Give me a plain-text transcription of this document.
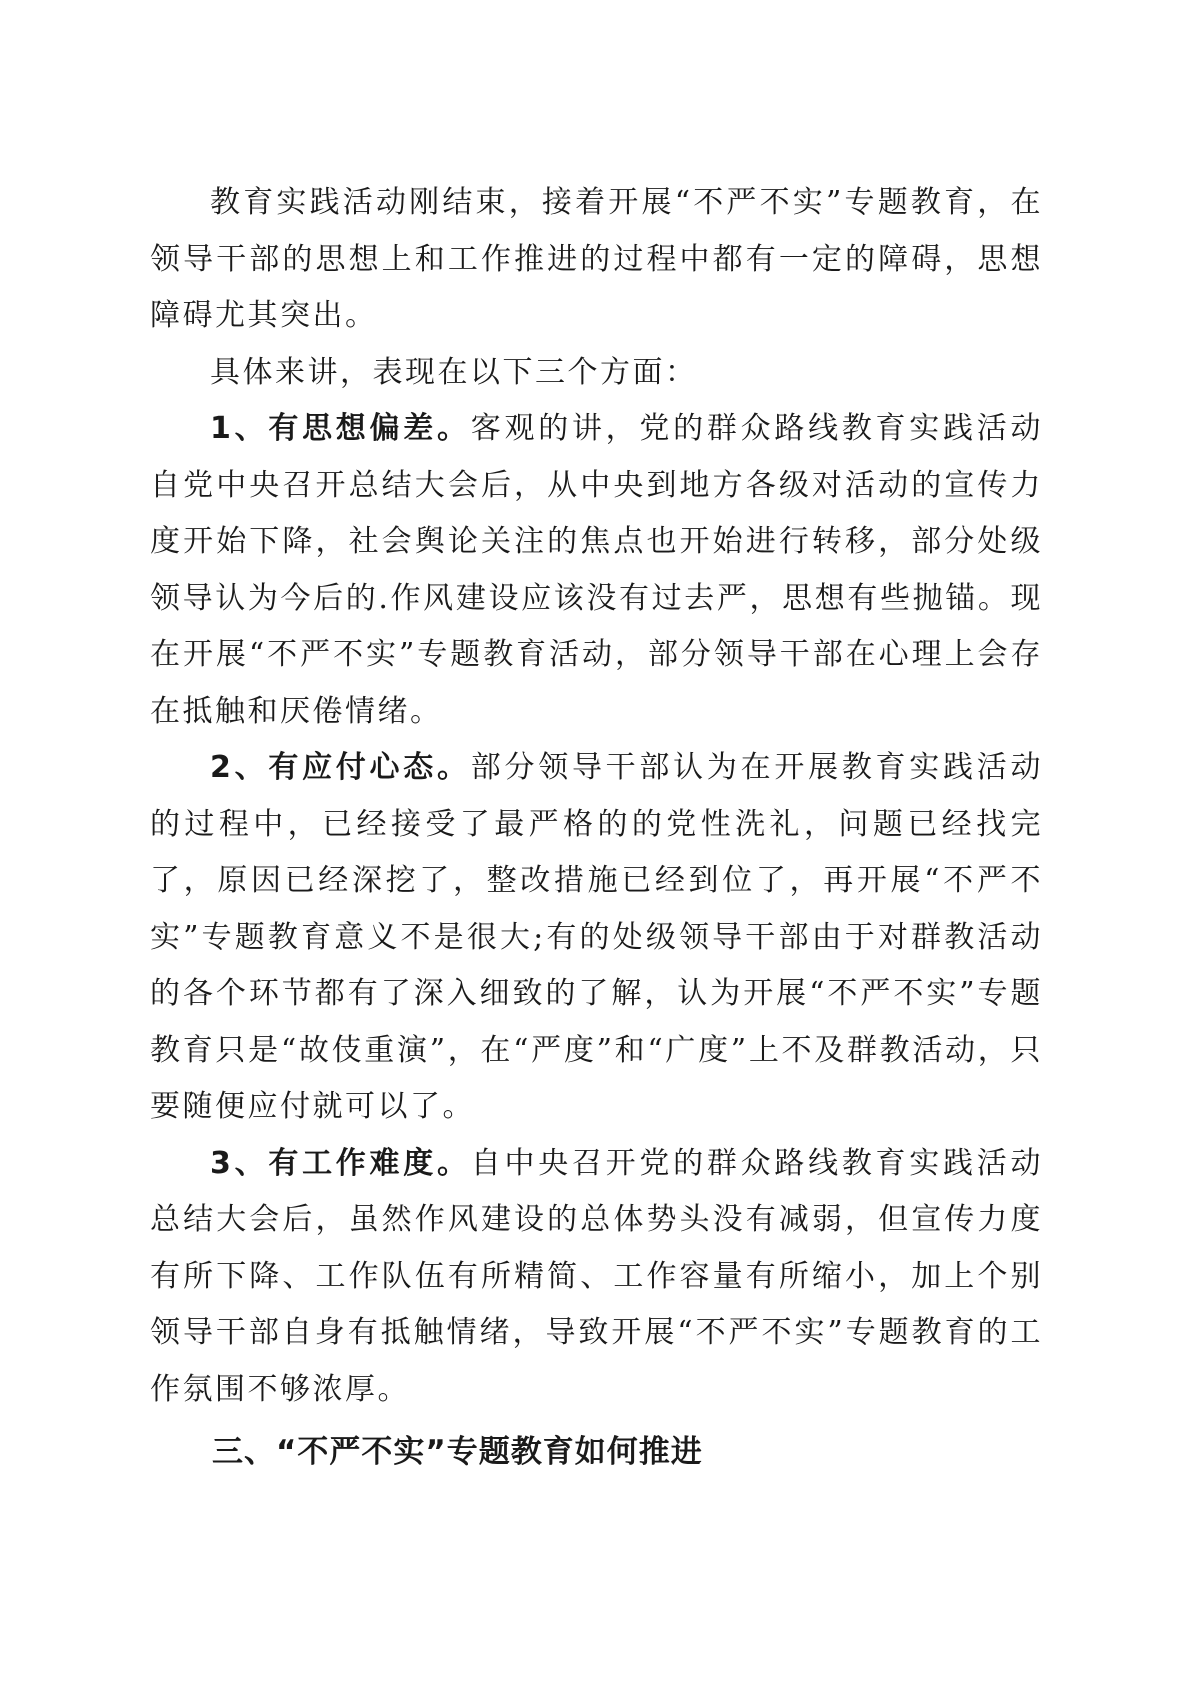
教育实践活动刚结束，接着开展“不严不实”专题教育，在领导干部的思想上和工作推进的过程中都有一定的障碍，思想障碍尤其突出。

具体来讲，表现在以下三个方面：

1、有思想偏差。客观的讲，党的群众路线教育实践活动自党中央召开总结大会后，从中央到地方各级对活动的宣传力度开始下降，社会舆论关注的焦点也开始进行转移，部分处级领导认为今后的.作风建设应该没有过去严，思想有些抛锚。现在开展“不严不实”专题教育活动，部分领导干部在心理上会存在抵触和厌倦情绪。

2、有应付心态。部分领导干部认为在开展教育实践活动的过程中，已经接受了最严格的的党性洗礼，问题已经找完了，原因已经深挖了，整改措施已经到位了，再开展“不严不实”专题教育意义不是很大;有的处级领导干部由于对群教活动的各个环节都有了深入细致的了解，认为开展“不严不实”专题教育只是“故伎重演”，在“严度”和“广度”上不及群教活动，只要随便应付就可以了。

3、有工作难度。自中央召开党的群众路线教育实践活动总结大会后，虽然作风建设的总体势头没有减弱，但宣传力度有所下降、工作队伍有所精简、工作容量有所缩小，加上个别领导干部自身有抵触情绪，导致开展“不严不实”专题教育的工作氛围不够浓厚。

三、“不严不实”专题教育如何推进
